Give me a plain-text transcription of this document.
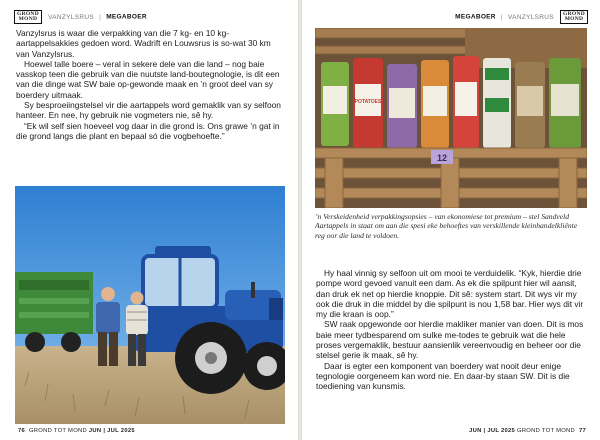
GROND
MOND VANZYLSRUS | MEGABOER

Vanzylsrus is waar die verpakking van die 7 kg- en 10 kg-aartappelsakkies gedoen word. Wadrift en Louwsrus is so-wat 30 km van Vanzylsrus.

Hoewel talle boere – veral in sekere dele van die land – nog baie vasskop teen die gebruik van die nuutste land-boutegnologie, is dit een van die dinge wat SW baie op-gewonde maak en ’n groot deel van sy boerdery uitmaak.

Sy besproeiingstelsel vir die aartappels word gemaklik van sy selfoon hanteer. En nee, hy gebruik nie vogmeters nie, sê hy.

“Ek wil self sien hoeveel vog daar in die grond is. Ons grawe ’n gat in die grond langs die plant en bepaal só die vogbehoefte.”

76 GROND TOT MOND JUN | JUL 2025
MEGABOER | VANZYLSRUS GROND
MOND
POTATOES
12
’n Verskeidenheid verpakkingsopsies – van ekonomiese tot premium – stel Sandveld Aartappels in staat om aan die spesi eke behoeftes van verskillende kleinhandelkliënte reg oor die land te voldoen.

Hy haal vinnig sy selfoon uit om mooi te verduidelik. “Kyk, hierdie drie pompe word gevoed vanuit een dam. As ek die spilpunt hier wil aansit, dan druk ek net op hierdie knoppie. Dit sê: system start. Dit wys vir my ook die druk in die middel by die spilpunt is nou 1,58 bar. Hier wys dit vir my die kraan is oop.”

SW raak opgewonde oor hierdie makliker manier van doen. Dit is mos baie meer tydbesparend om sulke me-todes te gebruik wat die hele proses vergemaklik, bestuur aansienlik vereenvoudig en beheer oor die stelsel gerie ik maak, sê hy.

Daar is egter een komponent van boerdery wat nooit deur enige tegnologie oorgeneem kan word nie. En daar-by staan SW. Dit is die toediening van kunsmis.

JUN | JUL 2025 GROND TOT MOND 77
